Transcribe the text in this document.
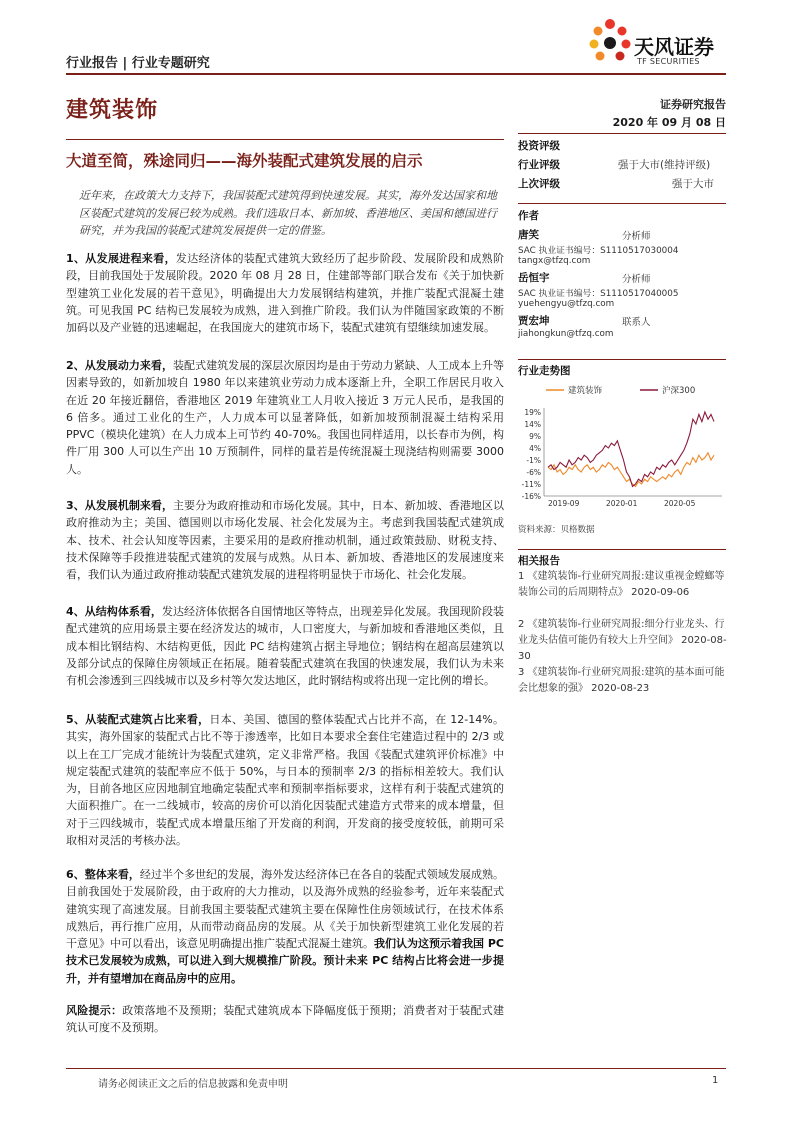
行业报告 | 行业专题研究
建筑装饰
天风证券
TF SECURITIES
证券研究报告
2020 年 09 月 08 日
大道至简，殊途同归——海外装配式建筑发展的启示
近年来，在政策大力支持下，我国装配式建筑得到快速发展。其实，海外发达国家和地区装配式建筑的发展已较为成熟。我们选取日本、新加坡、香港地区、美国和德国进行研究，并为我国的装配式建筑发展提供一定的借鉴。
1、从发展进程来看，发达经济体的装配式建筑大致经历了起步阶段、发展阶段和成熟阶段，目前我国处于发展阶段。2020 年 08 月 28 日，住建部等部门联合发布《关于加快新型建筑工业化发展的若干意见》，明确提出大力发展钢结构建筑，并推广装配式混凝土建筑。可见我国 PC 结构已发展较为成熟，进入到推广阶段。我们认为伴随国家政策的不断加码以及产业链的迅速崛起，在我国庞大的建筑市场下，装配式建筑有望继续加速发展。
2、从发展动力来看，装配式建筑发展的深层次原因均是由于劳动力紧缺、人工成本上升等因素导致的，如新加坡自 1980 年以来建筑业劳动力成本逐渐上升，全职工作居民月收入在近 20 年接近翻倍，香港地区 2019 年建筑业工人月收入接近 3 万元人民币，是我国的 6 倍多。通过工业化的生产，人力成本可以显著降低，如新加坡预制混凝土结构采用 PPVC（模块化建筑）在人力成本上可节约 40-70%。我国也同样适用，以长春市为例，构件厂用 300 人可以生产出 10 万预制件，同样的量若是传统混凝土现浇结构则需要 3000 人。
3、从发展机制来看，主要分为政府推动和市场化发展。其中，日本、新加坡、香港地区以政府推动为主；美国、德国则以市场化发展、社会化发展为主。考虑到我国装配式建筑成本、技术、社会认知度等因素，主要采用的是政府推动机制，通过政策鼓励、财税支持、技术保障等手段推进装配式建筑的发展与成熟。从日本、新加坡、香港地区的发展速度来看，我们认为通过政府推动装配式建筑发展的进程将明显快于市场化、社会化发展。
4、从结构体系看，发达经济体依据各自国情地区等特点，出现差异化发展。我国现阶段装配式建筑的应用场景主要在经济发达的城市，人口密度大，与新加坡和香港地区类似，且成本相比钢结构、木结构更低，因此 PC 结构建筑占据主导地位；钢结构在超高层建筑以及部分试点的保障住房领域正在拓展。随着装配式建筑在我国的快速发展，我们认为未来有机会渗透到三四线城市以及乡村等欠发达地区，此时钢结构或将出现一定比例的增长。
5、从装配式建筑占比来看，日本、美国、德国的整体装配式占比并不高，在 12-14%。其实，海外国家的装配式占比不等于渗透率，比如日本要求全套住宅建造过程中的 2/3 或以上在工厂完成才能统计为装配式建筑，定义非常严格。我国《装配式建筑评价标准》中规定装配式建筑的装配率应不低于 50%，与日本的预制率 2/3 的指标相差较大。我们认为，目前各地区应因地制宜地确定装配式率和预制率指标要求，这样有利于装配式建筑的大面积推广。在一二线城市，较高的房价可以消化因装配式建造方式带来的成本增量，但对于三四线城市，装配式成本增量压缩了开发商的利润，开发商的接受度较低，前期可采取相对灵活的考核办法。
6、整体来看，经过半个多世纪的发展，海外发达经济体已在各自的装配式领域发展成熟。目前我国处于发展阶段，由于政府的大力推动，以及海外成熟的经验参考，近年来装配式建筑实现了高速发展。目前我国主要装配式建筑主要在保障性住房领域试行，在技术体系成熟后，再行推广应用，从而带动商品房的发展。从《关于加快新型建筑工业化发展的若干意见》中可以看出，该意见明确提出推广装配式混凝土建筑。我们认为这预示着我国 PC 技术已发展较为成熟，可以进入到大规模推广阶段。预计未来 PC 结构占比将会进一步提升，并有望增加在商品房中的应用。
风险提示：政策落地不及预期；装配式建筑成本下降幅度低于预期；消费者对于装配式建筑认可度不及预期。
投资评级
行业评级	强于大市(维持评级)
上次评级	强于大市
作者
唐笑	分析师
SAC 执业证书编号：S1110517030004
tangx@tfzq.com
岳恒宇	分析师
SAC 执业证书编号：S1110517040005
yuehengyu@tfzq.com
贾宏坤	联系人
jiahongkun@tfzq.com
行业走势图
建筑装饰	沪深300
19%
14%
9%
4%
-1%
-6%
-11%
-16%
2019-09	2020-01	2020-05
资料来源：贝格数据
相关报告
1 《建筑装饰-行业研究周报:建议重视金螳螂等装饰公司的后周期特点》 2020-09-06
2 《建筑装饰-行业研究周报:细分行业龙头、行业龙头估值可能仍有较大上升空间》 2020-08-30
3 《建筑装饰-行业研究周报:建筑的基本面可能会比想象的强》 2020-08-23
请务必阅读正文之后的信息披露和免责申明	1
